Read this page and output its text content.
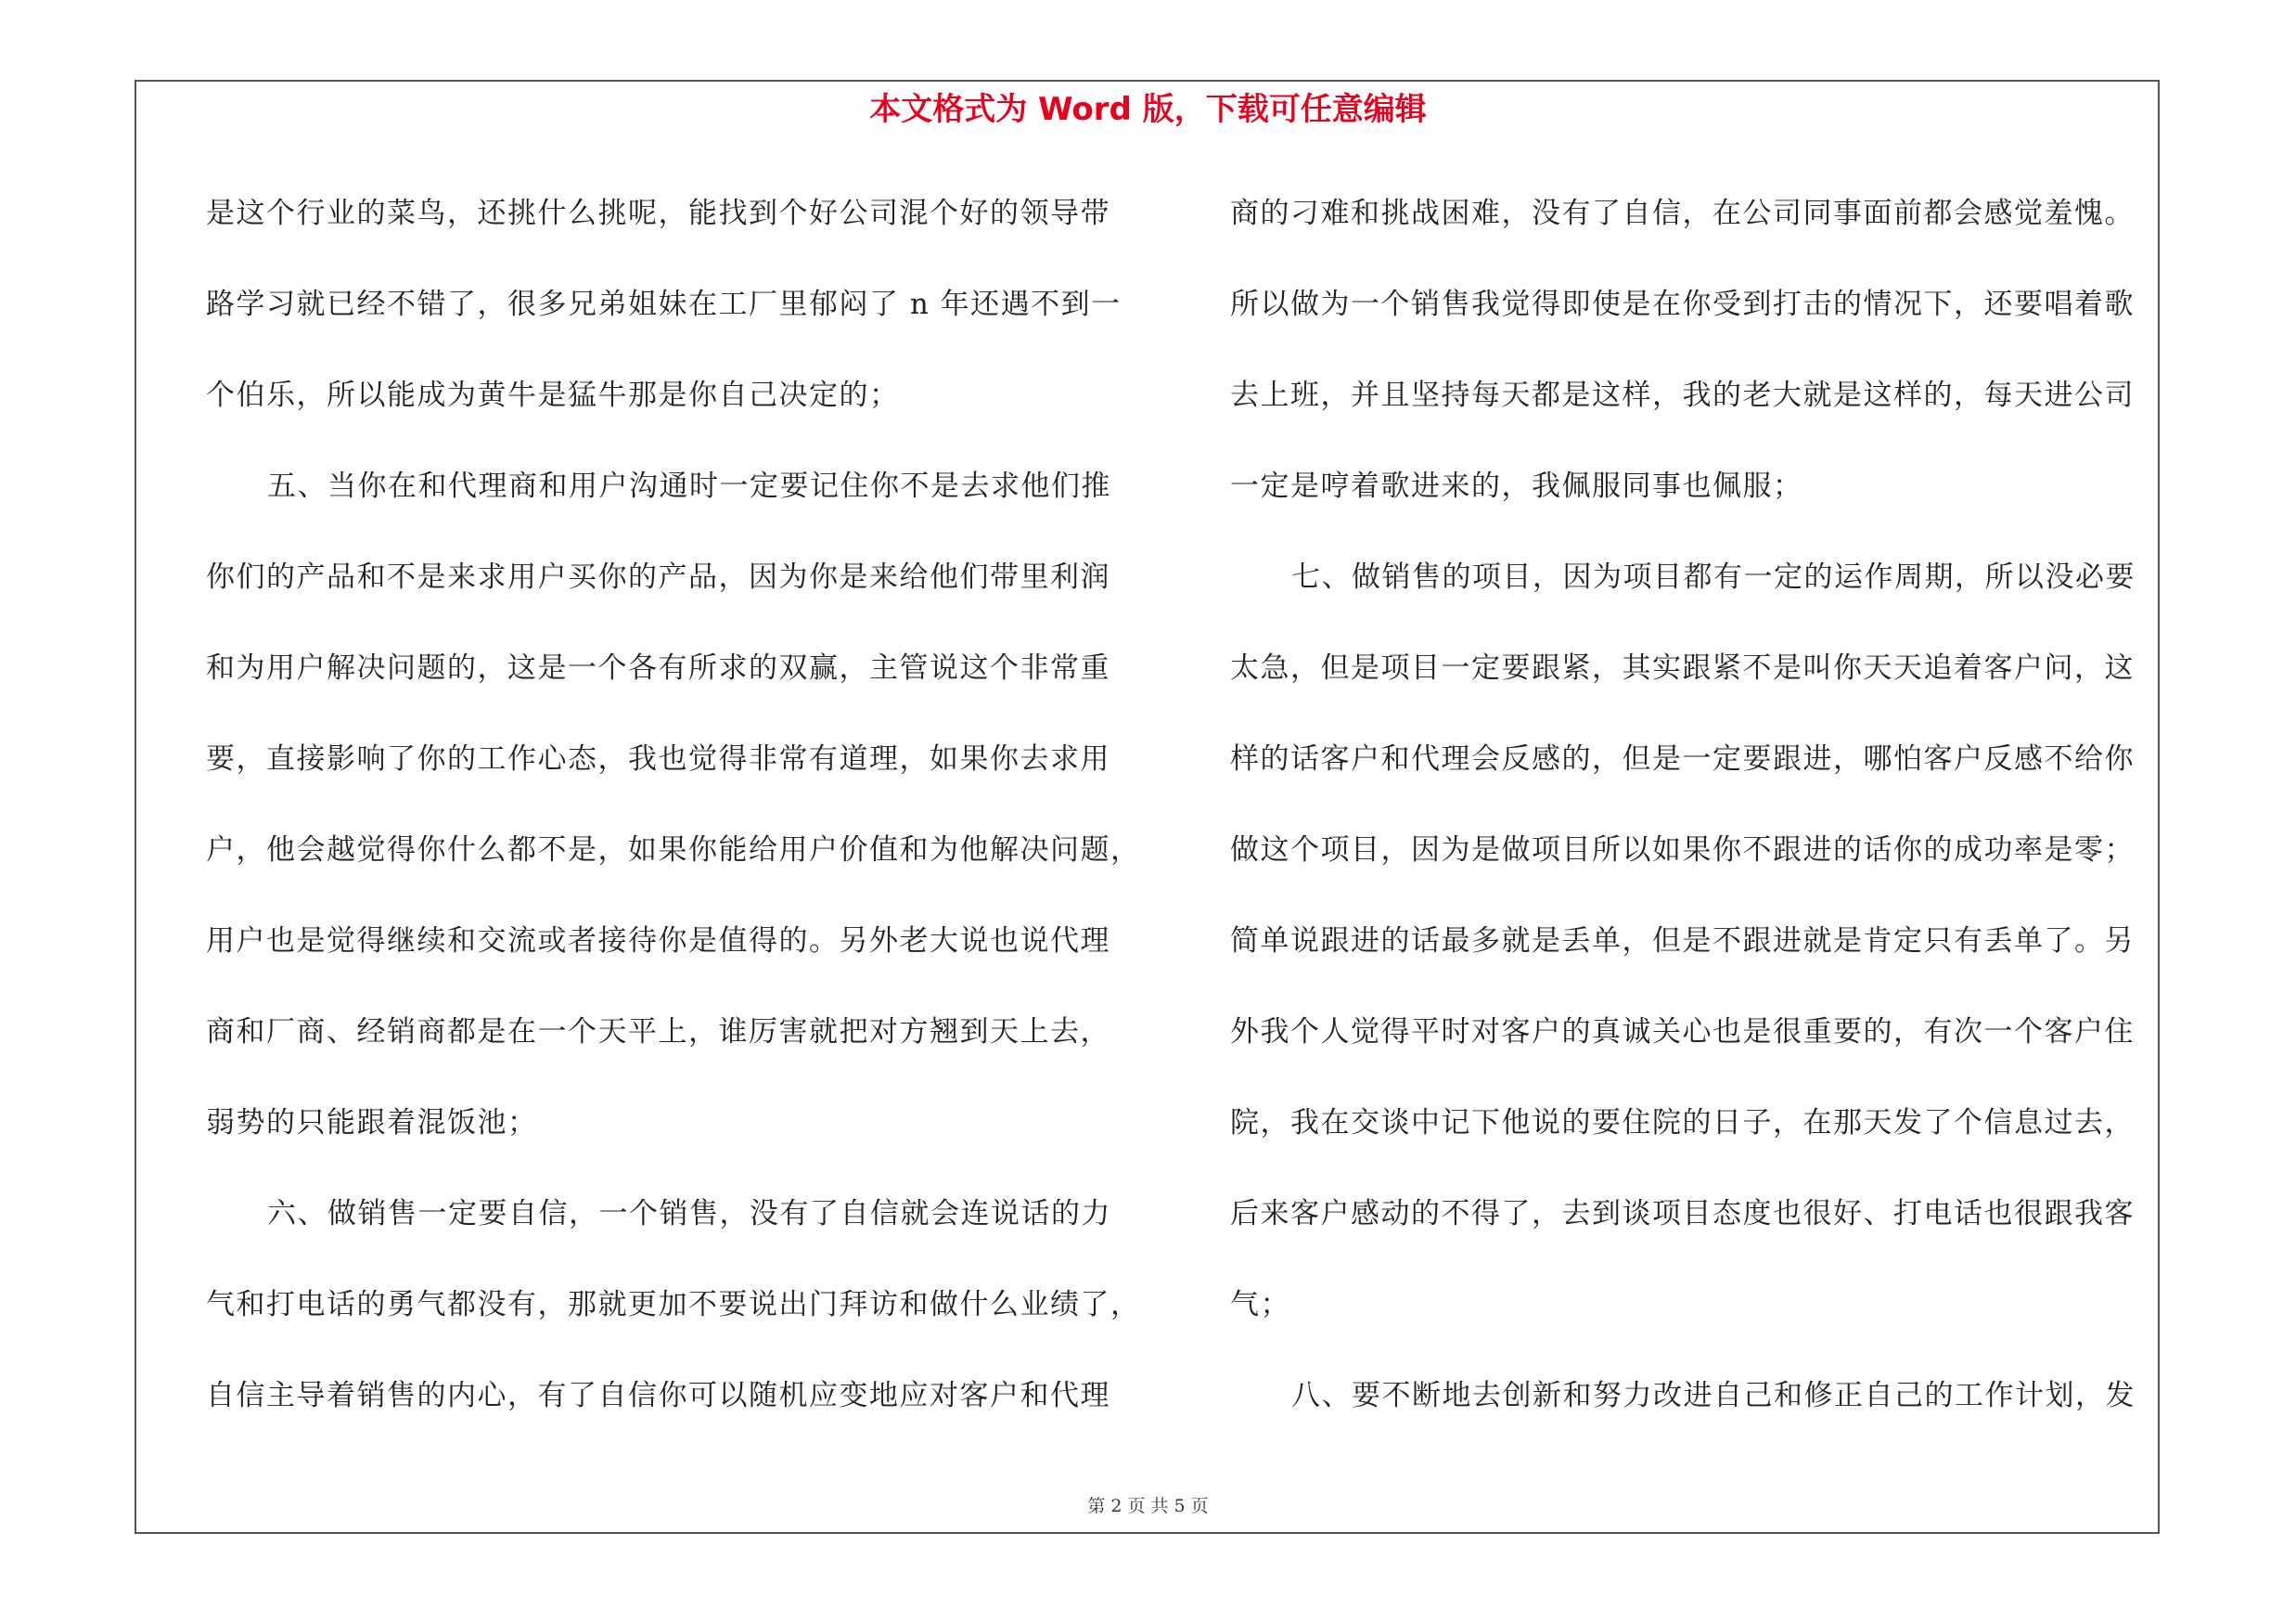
本文格式为 Word 版，下载可任意编辑
是这个行业的菜鸟，还挑什么挑呢，能找到个好公司混个好的领导带
路学习就已经不错了，很多兄弟姐妹在工厂里郁闷了 n 年还遇不到一
个伯乐，所以能成为黄牛是猛牛那是你自己决定的；
五、当你在和代理商和用户沟通时一定要记住你不是去求他们推
你们的产品和不是来求用户买你的产品，因为你是来给他们带里利润
和为用户解决问题的，这是一个各有所求的双赢，主管说这个非常重
要，直接影响了你的工作心态，我也觉得非常有道理，如果你去求用
户，他会越觉得你什么都不是，如果你能给用户价值和为他解决问题，
用户也是觉得继续和交流或者接待你是值得的。另外老大说也说代理
商和厂商、经销商都是在一个天平上，谁厉害就把对方翘到天上去，
弱势的只能跟着混饭池；
六、做销售一定要自信，一个销售，没有了自信就会连说话的力
气和打电话的勇气都没有，那就更加不要说出门拜访和做什么业绩了，
自信主导着销售的内心，有了自信你可以随机应变地应对客户和代理
商的刁难和挑战困难，没有了自信，在公司同事面前都会感觉羞愧。
所以做为一个销售我觉得即使是在你受到打击的情况下，还要唱着歌
去上班，并且坚持每天都是这样，我的老大就是这样的，每天进公司
一定是哼着歌进来的，我佩服同事也佩服；
七、做销售的项目，因为项目都有一定的运作周期，所以没必要
太急，但是项目一定要跟紧，其实跟紧不是叫你天天追着客户问，这
样的话客户和代理会反感的，但是一定要跟进，哪怕客户反感不给你
做这个项目，因为是做项目所以如果你不跟进的话你的成功率是零；
简单说跟进的话最多就是丢单，但是不跟进就是肯定只有丢单了。另
外我个人觉得平时对客户的真诚关心也是很重要的，有次一个客户住
院，我在交谈中记下他说的要住院的日子，在那天发了个信息过去，
后来客户感动的不得了，去到谈项目态度也很好、打电话也很跟我客
气；
八、要不断地去创新和努力改进自己和修正自己的工作计划，发
第 2 页 共 5 页
